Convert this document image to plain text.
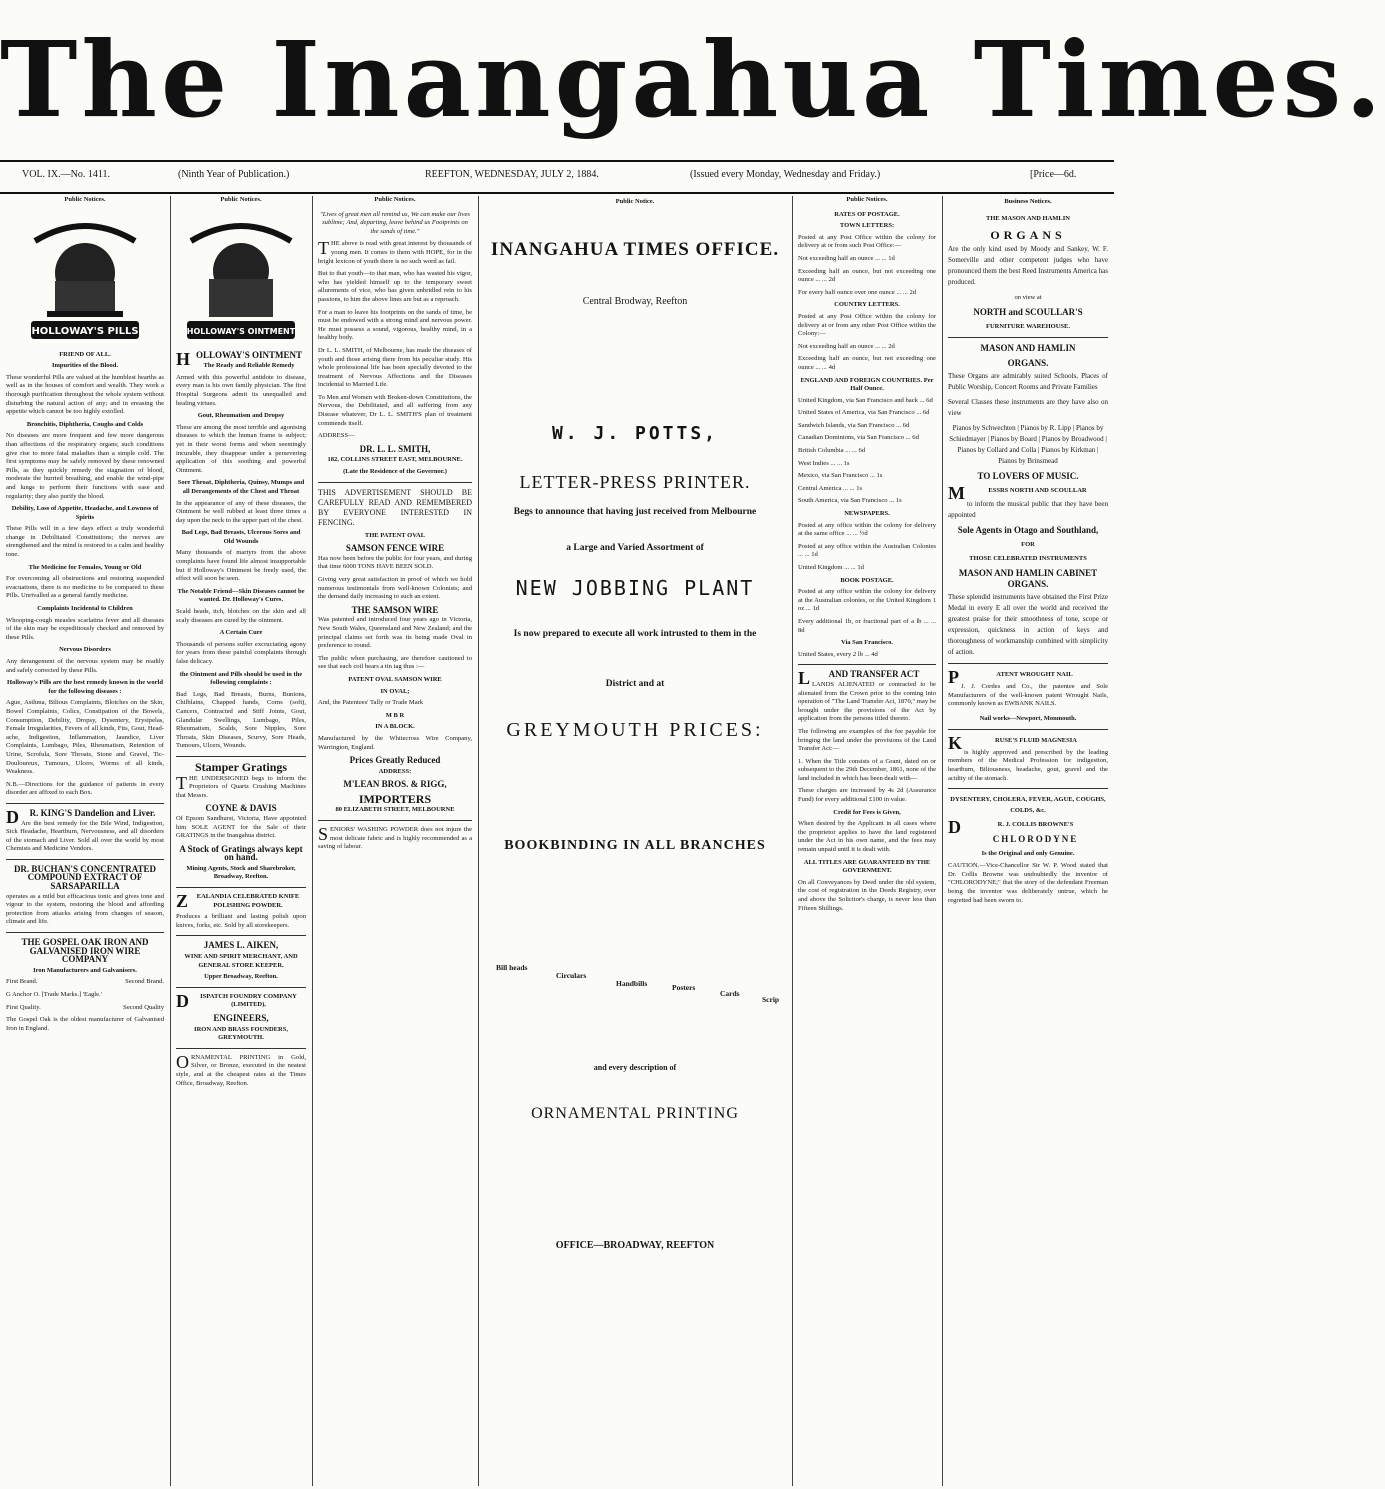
The Inangahua Times.
VOL. IX.—No. 1411.	(Ninth Year of Publication.)	REEFTON, WEDNESDAY, JULY 2, 1884.	(Issued every Monday, Wednesday and Friday.)	[Price—6d.
Public Notices.
HOLLOWAY'S PILLS
FRIEND OF ALL.
Impurities of the Blood.
These wonderful Pills are valued at the humblest hearths as well as in the houses of comfort and wealth. They work a thorough purification throughout the whole system without disturbing the natural action of any; and in ereasing the appetite which cannot be too highly extolled.
Bronchitis, Diphtheria, Coughs and Colds
No diseases are more frequent and few more dangerous than affections of the respiratory organs; such conditions give rise to more fatal maladies than a simple cold. The first symptoms may be safely removed by these renowned Pills, as they quickly remedy the stagnation of blood, moderate the hurried breathing, and enable the wind-pipe and lungs to perform their functions with ease and regularity; they also purify the blood.
Debility, Loss of Appetite, Headache, and Lowness of Spirits
These Pills will in a few days effect a truly wonderful change in Debilitated Constitutions; the nerves are strengthened and the mind is restored to a calm and healthy tone.
The Medicine for Females, Young or Old
For overcoming all obstructions and restoring suspended evacuations, there is no medicine to be compared to these Pills. Unrivalled as a general family medicine.
Complaints Incidental to Children
Whooping-cough measles scarlatina fever and all diseases of the skin may be expeditiously checked and removed by these Pills.
Nervous Disorders
Any derangement of the nervous system may be readily and safely corrected by these Pills.
Holloway's Pills are the best remedy known in the world for the following diseases :
Ague, Asthma, Bilious Complaints, Blotches on the Skin, Bowel Complaints, Colics, Constipation of the Bowels, Consumption, Debility, Dropsy, Dysentery, Erysipelas, Female Irregularities, Fevers of all kinds, Fits, Gout, Head-ache, Indigestion, Inflammation, Jaundice, Liver Complaints, Lumbago, Piles, Rheumatism, Retention of Urine, Scrofula, Sore Throats, Stone and Gravel, Tic-Douloureux, Tumours, Ulcers, Worms of all kinds, Weakness.
N.B.—Directions for the guidance of patients in every disorder are affixed to each Box.
DR. KING'S Dandelion and Liver.
Are the best remedy for the Bile Wind, Indigestion, Sick Headache, Heartburn, Nervousness, and all disorders of the stomach and Liver. Sold all over the world by most Chemists and Medicine Vendors.
DR. BUCHAN'S CONCENTRATED COMPOUND EXTRACT OF SARSAPARILLA
operates as a mild but efficacious tonic and gives tone and vigour to the system, restoring the blood and affording protection from attacks arising from changes of season, climate and life.
THE GOSPEL OAK IRON AND GALVANISED IRON WIRE COMPANY
Iron Manufacturers and Galvanisers.
First Brand.	Second Brand.
G Anchor O. [Trade Marks.] 'Eagle.'
First Quality.	Second Quality
The Gospel Oak is the oldest manufacturer of Galvanised Iron in England.
Public Notices.
HOLLOWAY'S OINTMENT
HOLLOWAY'S OINTMENT
The Ready and Reliable Remedy
Armed with this powerful antidote to disease, every man is his own family physician. The first Hospital Surgeons admit its unequalled and healing virtues.
Gout, Rheumatism and Dropsy
These are among the most terrible and agonising diseases to which the human frame is subject; yet in their worst forms and when seemingly incurable, they disappear under a persevering application of this soothing and powerful Ointment.
Sore Throat, Diphtheria, Quinsy, Mumps and all Derangements of the Chest and Throat
In the appearance of any of these diseases, the Ointment be well rubbed at least three times a day upon the neck to the upper part of the chest.
Bad Legs, Bad Breasts, Ulcerous Sores and Old Wounds
Many thousands of martyrs from the above complaints have found life almost insupportable but if Holloway's Ointment be freely used, the effect will soon be seen.
The Notable Friend—Skin Diseases cannot be wanted. Dr. Holloway's Cures.
Scald heads, itch, blotches on the skin and all scaly diseases are cured by the ointment.
A Certain Cure
Thousands of persons suffer excruciating agony for years from these painful complaints through false delicacy.
the Ointment and Pills should be used in the following complaints :
Bad Legs, Bad Breasts, Burns, Bunions, Chilblains, Chapped hands, Corns (soft), Cancers, Contracted and Stiff Joints, Gout, Glandular Swellings, Lumbago, Piles, Rheumatism, Scalds, Sore Nipples, Sore Throats, Skin Diseases, Scurvy, Sore Heads, Tumours, Ulcers, Wounds.
Stamper Gratings
THE UNDERSIGNED begs to inform the Proprietors of Quartz Crushing Machines that Messrs.
COYNE & DAVIS
Of Epsom Sandhurst, Victoria, Have appointed him SOLE AGENT for the Sale of their GRATINGS in the Inangahua district.
A Stock of Gratings always kept on hand.
Mining Agents, Stock and Sharebroker, Broadway, Reefton.
ZEALANDIA CELEBRATED KNIFE POLISHING POWDER.
Produces a brilliant and lasting polish upon knives, forks, etc. Sold by all storekeepers.
JAMES L. AIKEN,
WINE AND SPIRIT MERCHANT, AND GENERAL STORE KEEPER.
Upper Broadway, Reefton.
DISPATCH FOUNDRY COMPANY (LIMITED),
ENGINEERS,
IRON AND BRASS FOUNDERS, GREYMOUTH.
ORNAMENTAL PRINTING in Gold, Silver, or Bronze, executed in the neatest style, and at the cheapest rates at the Times Office, Broadway, Reefton.
Public Notices.
"Lives of great men all remind us, We can make our lives sublime; And, departing, leave behind us Footprints on the sands of time."
THE above is read with great interest by thousands of young men. It comes to them with HOPE, for in the bright lexicon of youth there is no such word as fail.
But to that youth—to that man, who has wasted his vigor, who has yielded himself up to the temporary sweet allurements of vice, who has given unbridled rein to his passions, to him the above lines are but as a reproach.
For a man to leave his footprints on the sands of time, he must be endowed with a strong mind and nervous power. He must possess a sound, vigorous, healthy mind, in a healthy body.
Dr L. L. SMITH, of Melbourne, has made the diseases of youth and those arising there from his peculiar study. His whole professional life has been specially devoted to the treatment of Nervous Affections and the Diseases incidental to Married Life.
To Men and Women with Broken-down Constitutions, the Nervous, the Debilitated, and all suffering from any Disease whatever, Dr L. L. SMITH'S plan of treatment commends itself.
ADDRESS—
DR. L. L. SMITH,
182, COLLINS STREET EAST, MELBOURNE.
(Late the Residence of the Governor.)
THIS ADVERTISEMENT SHOULD BE CAREFULLY READ AND REMEMBERED BY EVERYONE INTERESTED IN FENCING.
THE PATENT OVAL
SAMSON FENCE WIRE
Has now been before the public for four years, and during that time 6000 TONS HAVE BEEN SOLD.
Giving very great satisfaction in proof of which we hold numerous testimonials from well-known Colonists; and the demand daily increasing to such an extent.
THE SAMSON WIRE
Was patented and introduced four years ago in Victoria, New South Wales, Queensland and New Zealand; and the principal claims set forth was its being made Oval in preference to round.
The public when purchasing, are therefore cautioned to see that each coil bears a tin tag thus :—
PATENT OVAL SAMSON WIRE
IN OVAL;
And, the Patentees' Tally or Trade Mark
M B R
IN A BLOCK.
Manufactured by the Whitecross Wire Company, Warrington, England.
Prices Greatly Reduced
ADDRESS:
M'LEAN BROS. & RIGG,
IMPORTERS
80 ELIZABETH STREET, MELBOURNE
SENIORS' WASHING POWDER does not injure the most delicate fabric and is highly recommended as a saving of labour.
Public Notice.
INANGAHUA TIMES OFFICE.
Central Brodway, Reefton
W. J. POTTS,
LETTER-PRESS PRINTER.
Begs to announce that having just received from Melbourne
a Large and Varied Assortment of
NEW JOBBING PLANT
Is now prepared to execute all work intrusted to them in the
District and at
GREYMOUTH PRICES:
BOOKBINDING IN ALL BRANCHES
Bill heads
Circulars
Handbills	Posters
Cards
Scrip
and every description of
ORNAMENTAL PRINTING
OFFICE—BROADWAY, REEFTON
Public Notices.
RATES OF POSTAGE.
TOWN LETTERS:
Posted at any Post Office within the colony for delivery at or from such Post Office:—
Not exceeding half an ounce ... ... 1d
Exceeding half an ounce, but not exceeding one ounce ... ... 2d
For every half ounce over one ounce ... ... 2d
COUNTRY LETTERS.
Posted at any Post Office within the colony for delivery at or from any other Post Office within the Colony:—
Not exceeding half an ounce ... ... 2d
Exceeding half an ounce, but not exceeding one ounce ... ... 4d
ENGLAND AND FOREIGN COUNTRIES. Per Half Ounce.
United Kingdom, via San Francisco and back ... 6d
United States of America, via San Francisco ... 6d
Sandwich Islands, via San Francisco ... 6d
Canadian Dominions, via San Francisco ... 6d
British Columbia ... ... 6d
West Indies ... ... 1s
Mexico, via San Francisco ... 1s
Central America ... ... 1s
South America, via San Francisco ... 1s
NEWSPAPERS.
Posted at any office within the colony for delivery at the same office ... ... ½d
Posted at any office within the Australian Colonies ... ... 1d
United Kingdom ... ... 1d
BOOK POSTAGE.
Posted at any office within the colony for delivery at the Australian colonies, or the United Kingdom 1 oz ... 1d
Every additional 1b, or fractional part of a lb ... ... 8d
Via San Francisco.
United States, every 2 lb ... 4d
LAND TRANSFER ACT
LANDS ALIENATED or contracted to be alienated from the Crown prior to the coming into operation of "The Land Transfer Act, 1870," may be brought under the provisions of the Act by application from the persons titled thereto.
The following are examples of the fee payable for bringing the land under the provisions of the Land Transfer Act:—
1. When the Title consists of a Grant, dated on or subsequent to the 29th December, 1861, none of the land included in which has been dealt with—
These charges are increased by 4s 2d (Assurance Fund) for every additional £100 in value.
Credit for Fees is Given,
When desired by the Applicant in all cases where the proprietor applies to have the land registered under the Act in his own name, and the fees may remain unpaid until it is dealt with.
ALL TITLES ARE GUARANTEED BY THE GOVERNMENT.
On all Conveyances by Deed under the old system, the cost of registration in the Deeds Registry, over and above the Solicitor's charge, is never less than Fifteen Shillings.
Business Notices.
THE MASON AND HAMLIN
ORGANS
Are the only kind used by Moody and Sankey, W. F. Somerville and other competent judges who have pronounced them the best Reed Instruments America has produced.
on view at
NORTH and SCOULLAR'S
FURNITURE WAREHOUSE.
MASON AND HAMLIN
ORGANS.
These Organs are admirably suited Schools, Places of Public Worship, Concert Rooms and Private Families
Several Classes these instruments are they have also on view
Pianos by Schwechten | Pianos by R. Lipp | Pianos by Schiedmayer | Pianos by Board | Pianos by Broadwood | Pianos by Collard and Colla | Pianos by Kirkman | Pianos by Brinsmead
TO LOVERS OF MUSIC.
MESSRS NORTH AND SCOULLAR
to inform the musical public that they have been appointed
Sole Agents in Otago and Southland,
FOR
THOSE CELEBRATED INSTRUMENTS
MASON AND HAMLIN CABINET ORGANS.
These splendid instruments have obtained the First Prize Medal in every E all over the world and received the greatest praise for their smoothness of tone, scope or expression, quickness in action of keys and thoroughness of workmanship combined with simplicity of action.
PATENT WROUGHT NAIL
J. J. Cordes and Co., the patentee and Sole Manufacturers of the well-known patent Wrought Nails, commonly known as EWBANK NAILS.
Nail works—Newport, Monmouth.
KRUSE'S FLUID MAGNESIA
is highly approved and prescribed by the leading members of the Medical Profession for indigestion, heartburn, Biliousness, headache, gout, gravel and the acidity of the stomach.
DYSENTERY, CHOLERA, FEVER, AGUE, COUGHS, COLDS, &c.
DR. J. COLLIS BROWNE'S
CHLORODYNE
Is the Original and only Genuine.
CAUTION.—Vice-Chancellor Sir W. P. Wood stated that Dr. Collis Browne was undoubtedly the inventor of "CHLORODYNE;" that the story of the defendant Freeman being the inventor was deliberately untrue, which he regretted had been sworn to.
